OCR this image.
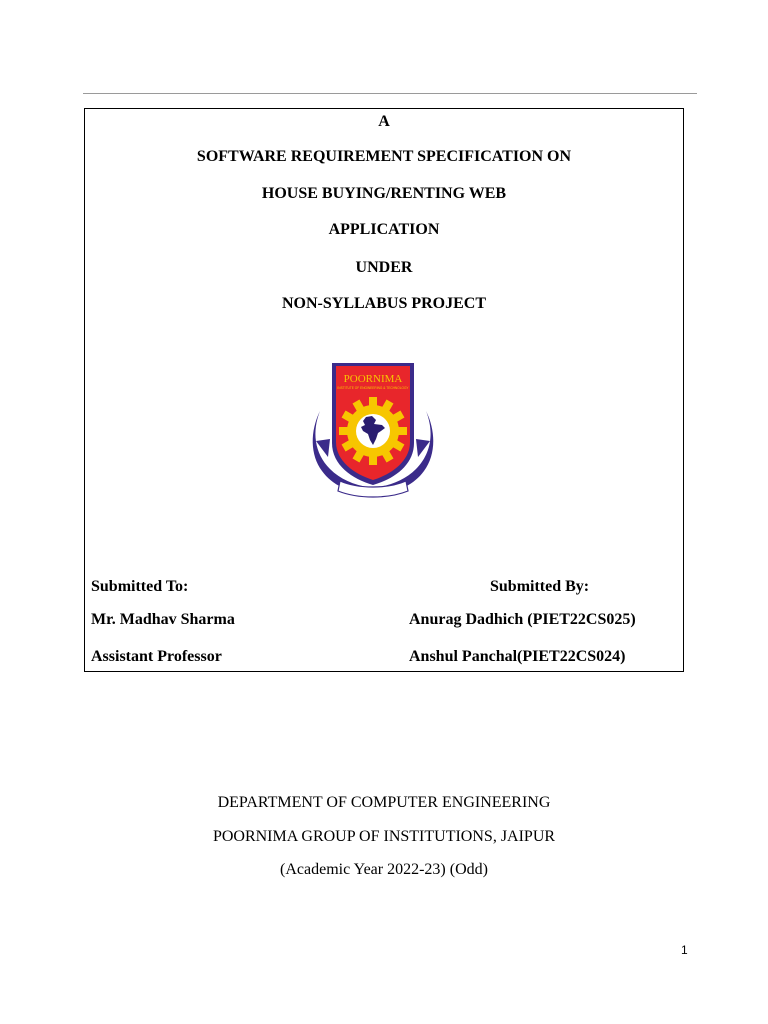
A
SOFTWARE REQUIREMENT SPECIFICATION ON
HOUSE BUYING/RENTING WEB
APPLICATION
UNDER
NON-SYLLABUS PROJECT
POORNIMA
INSTITUTE OF ENGINEERING & TECHNOLOGY
Submitted To:
Mr. Madhav Sharma
Assistant Professor
Submitted By:
Anurag Dadhich (PIET22CS025)
Anshul Panchal(PIET22CS024)
DEPARTMENT OF COMPUTER ENGINEERING
POORNIMA GROUP OF INSTITUTIONS, JAIPUR
(Academic Year 2022-23) (Odd)
1
